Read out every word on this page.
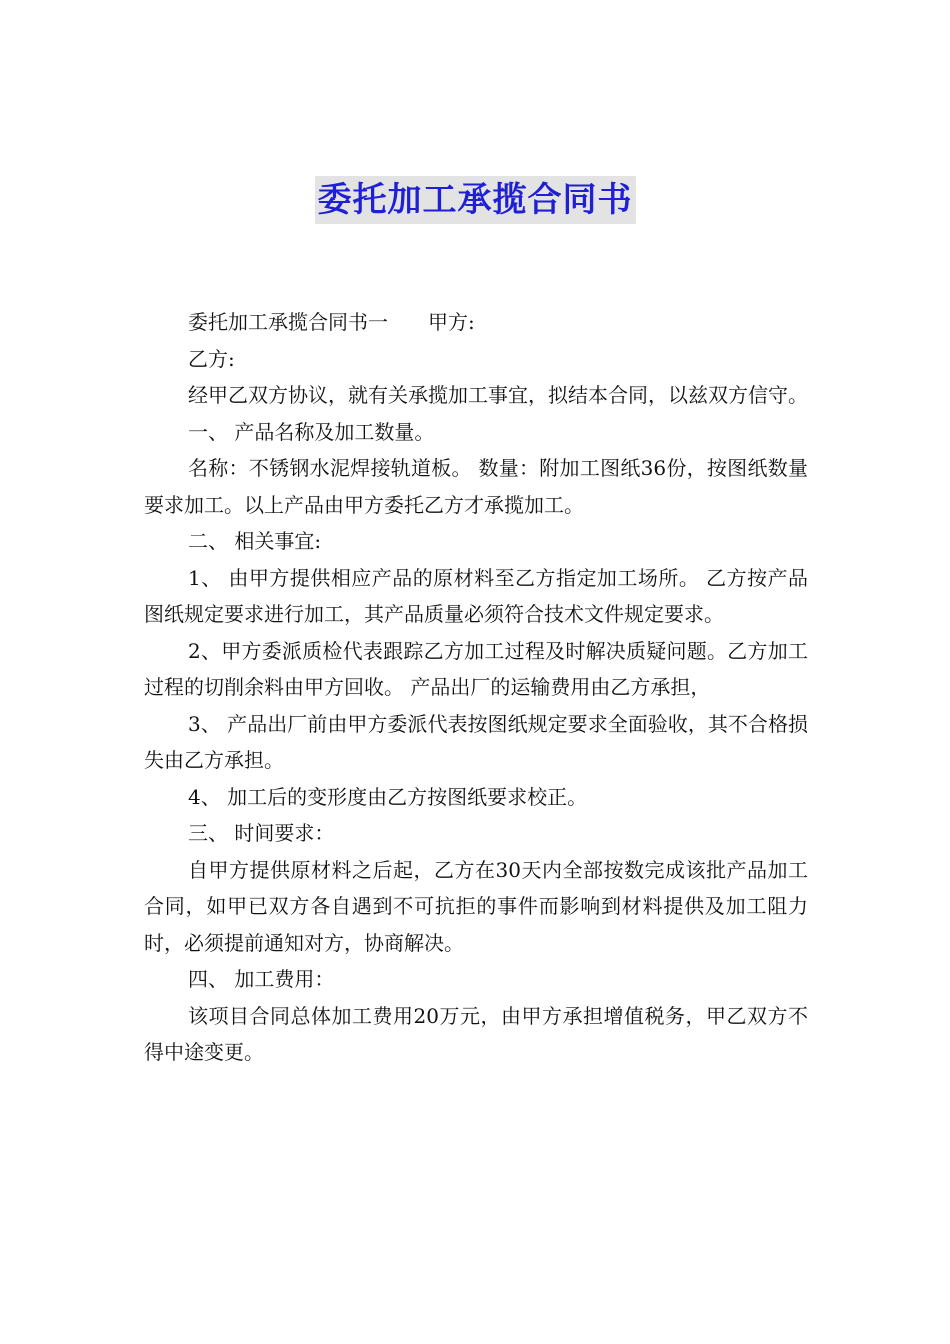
委托加工承揽合同书

委托加工承揽合同书一 甲方:

乙方:

经甲乙双方协议，就有关承揽加工事宜，拟结本合同，以兹双方信守。

一、 产品名称及加工数量。

名称：不锈钢水泥焊接轨道板。 数量：附加工图纸36份，按图纸数量要求加工。以上产品由甲方委托乙方才承揽加工。

二、 相关事宜:

1、 由甲方提供相应产品的原材料至乙方指定加工场所。 乙方按产品图纸规定要求进行加工，其产品质量必须符合技术文件规定要求。

2、甲方委派质检代表跟踪乙方加工过程及时解决质疑问题。乙方加工过程的切削余料由甲方回收。 产品出厂的运输费用由乙方承担，

3、 产品出厂前由甲方委派代表按图纸规定要求全面验收，其不合格损失由乙方承担。

4、 加工后的变形度由乙方按图纸要求校正。

三、 时间要求：

自甲方提供原材料之后起，乙方在30天内全部按数完成该批产品加工合同，如甲已双方各自遇到不可抗拒的事件而影响到材料提供及加工阻力时，必须提前通知对方，协商解决。

四、 加工费用：

该项目合同总体加工费用20万元，由甲方承担增值税务，甲乙双方不得中途变更。
